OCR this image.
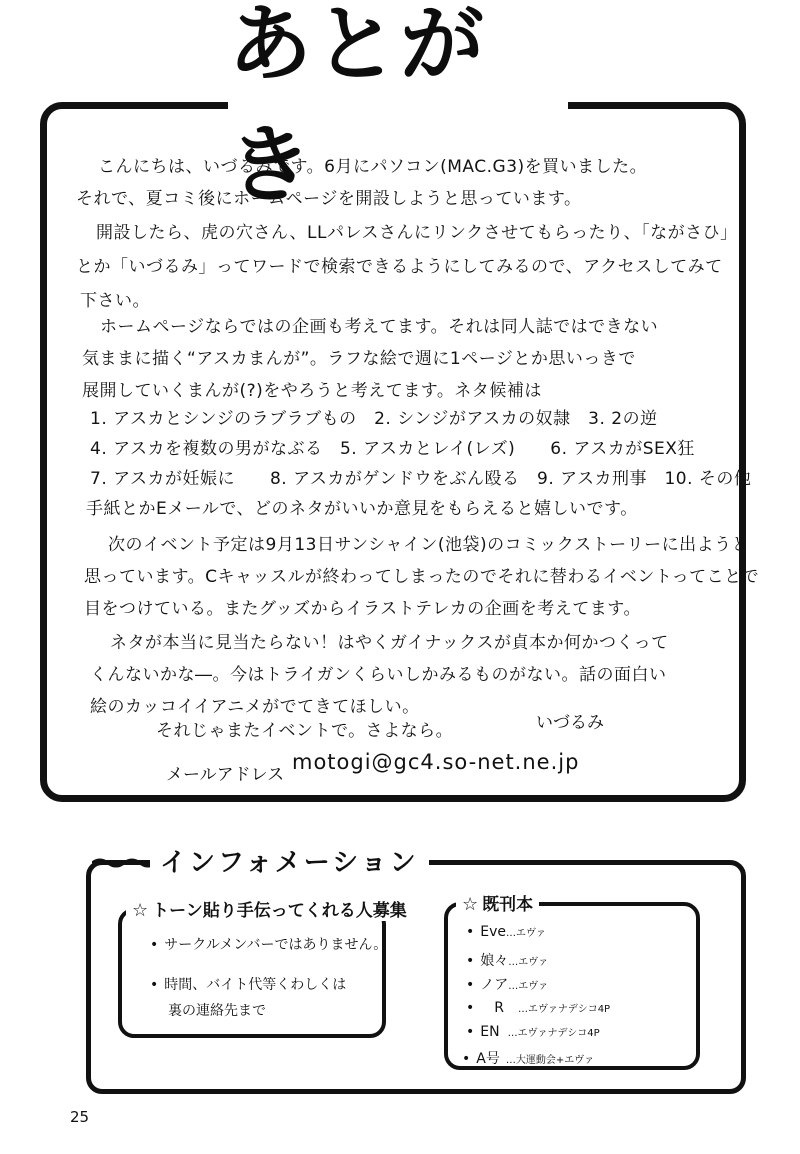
あとが
こんにちは、いづるみです。6月にパソコン(MAC.G3)を買いました。
それで、夏コミ後にホームページを開設しようと思っています。
開設したら、虎の穴さん、LLパレスさんにリンクさせてもらったり、「ながさひ」
とか「いづるみ」ってワードで検索できるようにしてみるので、アクセスしてみて
下さい。
ホームページならではの企画も考えてます。それは同人誌ではできない
気ままに描く“アスカまんが”。ラフな絵で週に1ページとか思いっきで
展開していくまんが(?)をやろうと考えてます。ネタ候補は
1. アスカとシンジのラブラブもの　2. シンジがアスカの奴隷　3. 2の逆
4. アスカを複数の男がなぶる　5. アスカとレイ(レズ)　　6. アスカがSEX狂
7. アスカが妊娠に　　8. アスカがゲンドウをぶん殴る　9. アスカ刑事　10. その他
手紙とかEメールで、どのネタがいいか意見をもらえると嬉しいです。
次のイベント予定は9月13日サンシャイン(池袋)のコミックストーリーに出ようと
思っています。Cキャッスルが終わってしまったのでそれに替わるイベントってことで
目をつけている。またグッズからイラストテレカの企画を考えてます。
ネタが本当に見当たらない！はやくガイナックスが貞本か何かつくって
くんないかな―。今はトライガンくらいしかみるものがない。話の面白い
絵のカッコイイアニメがでてきてほしい。
それじゃまたイベントで。さよなら。	いづるみ
メールアドレス
motogi@gc4.so-net.ne.jp
インフォメーション
☆ トーン貼り手伝ってくれる人募集
• サークルメンバーではありません。
• 時間、バイト代等くわしくは
裏の連絡先まで
☆ 既刊本
• Eve…エヴァ
• 娘々…エヴァ
• ノア…エヴァ
• R …エヴァナデシコ4P
• EN …エヴァナデシコ4P
• A号 …大運動会+エヴァ
25
